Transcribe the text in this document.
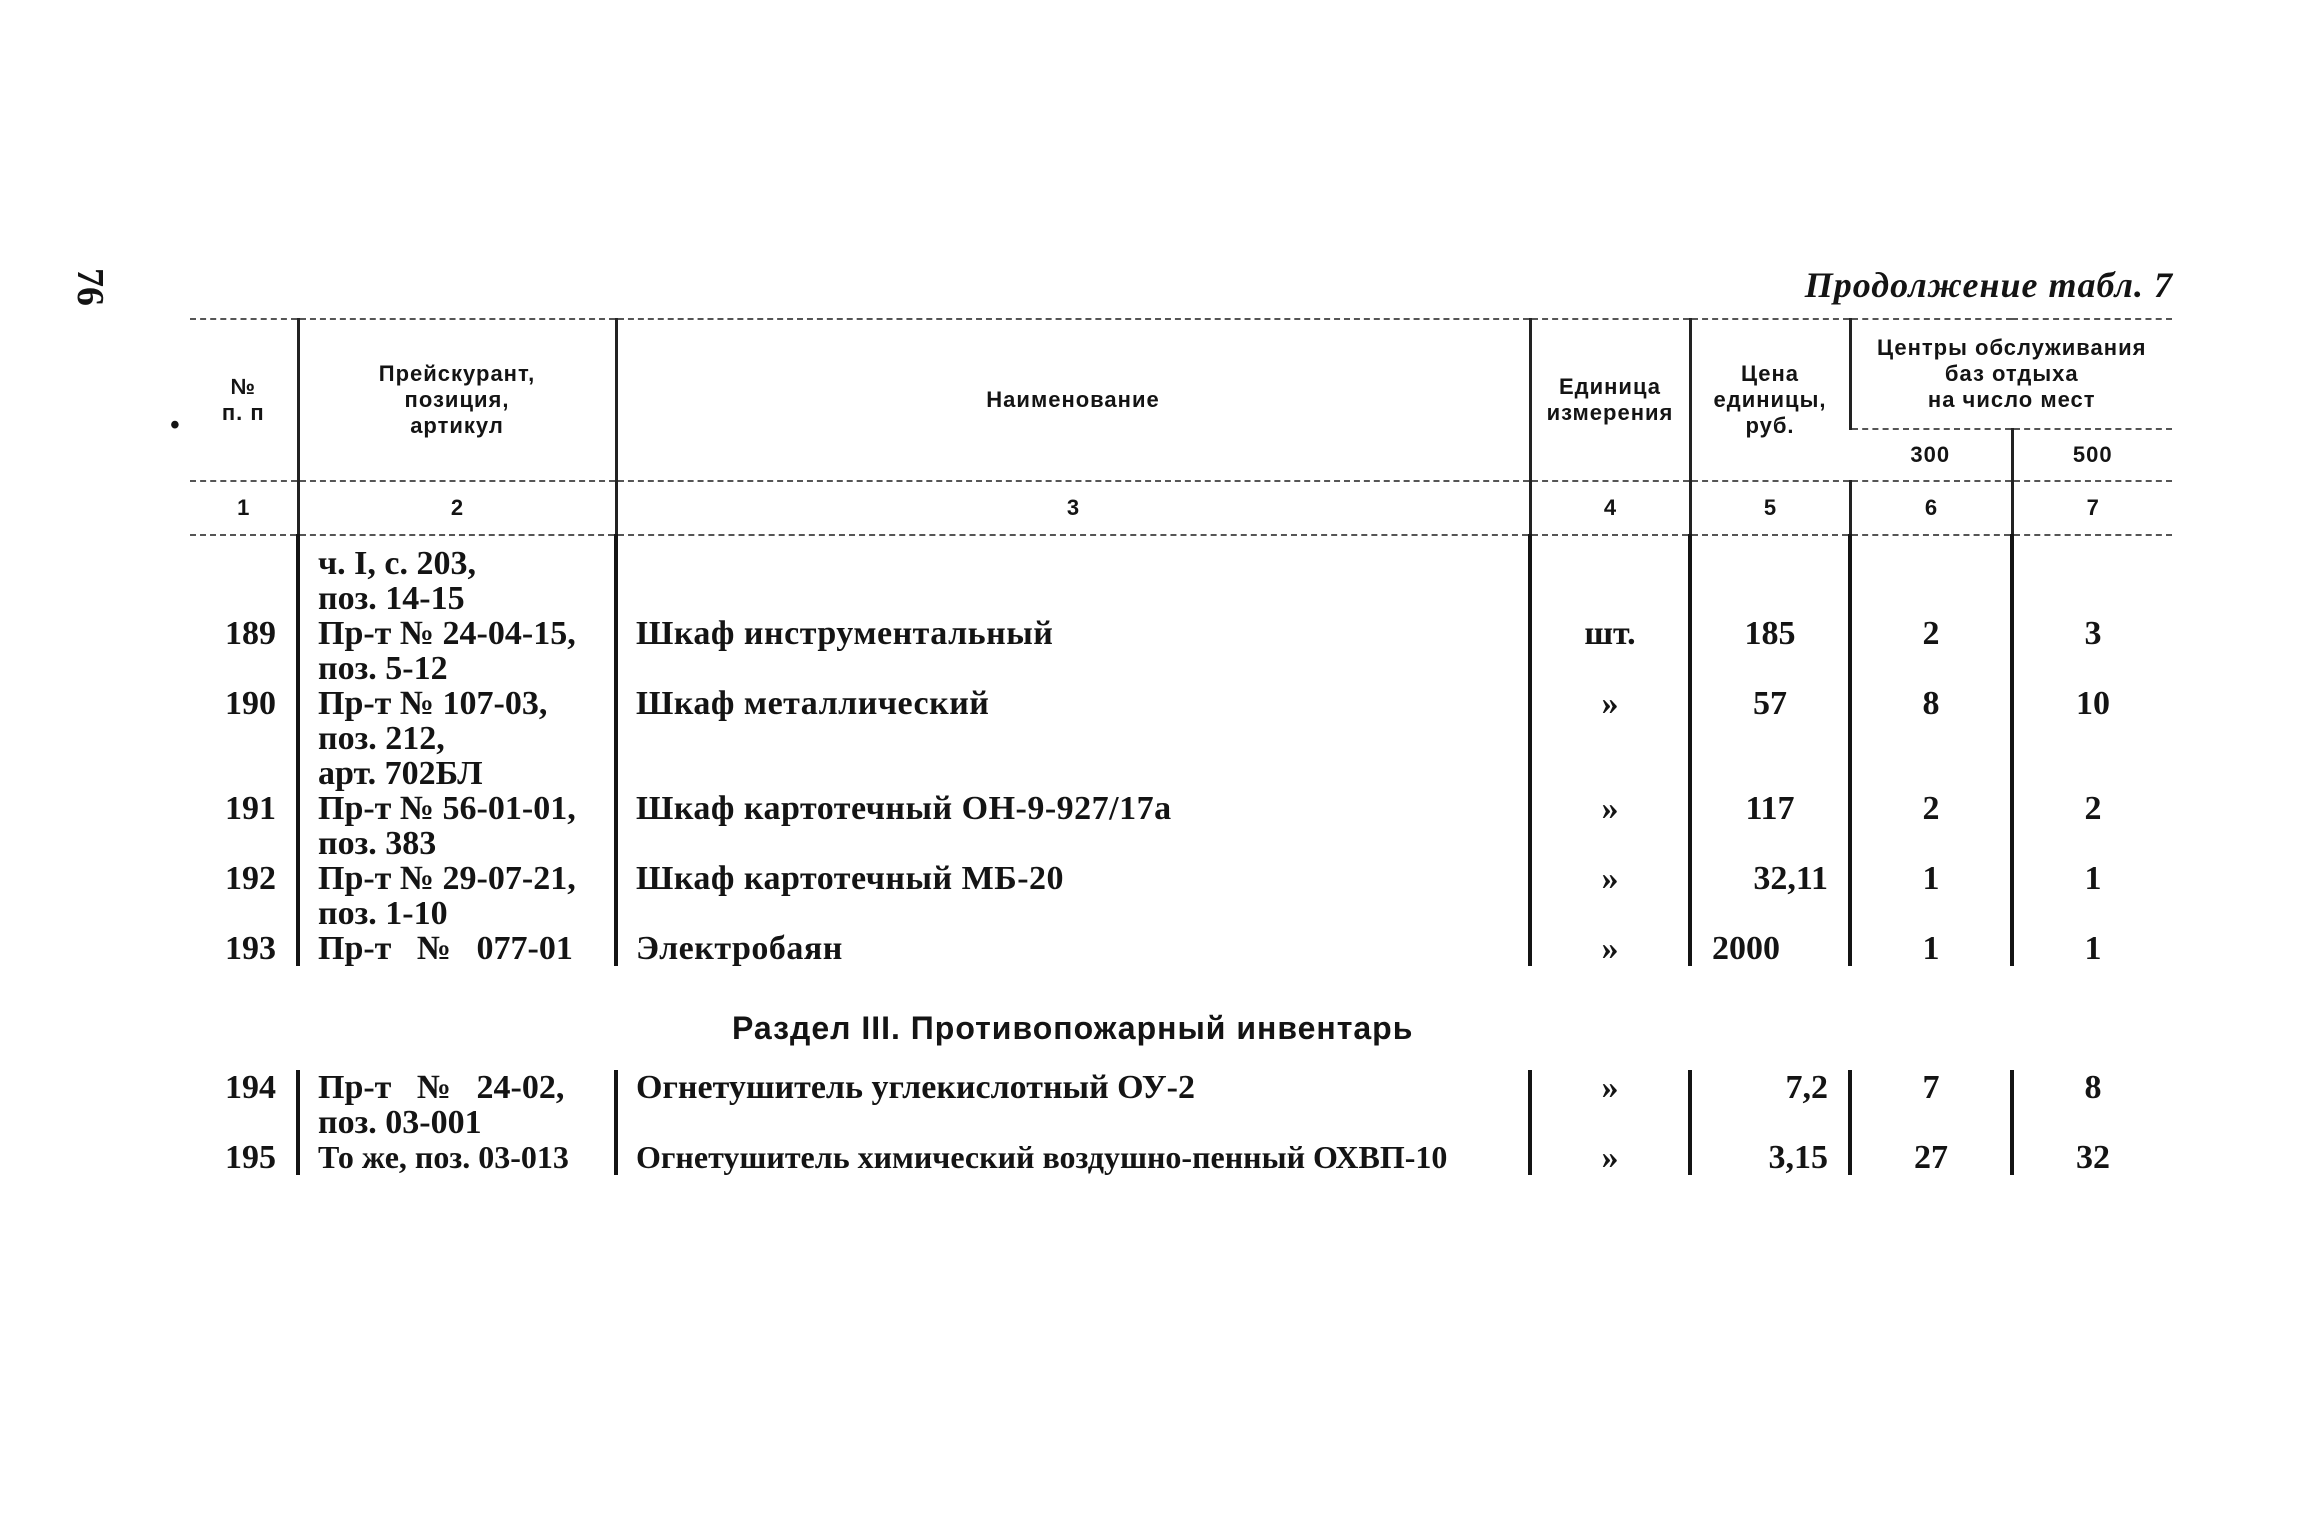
76	Продолжение табл. 7
•
№
п. п	Прейскурант,
позиция,
артикул	Наименование	Единица
измерения	Цена
единицы,
руб.	Центры обслуживания
баз отдыха
на число мест	
					300	500
1	2	3	4	5	6	7

	ч. I, с. 203,
поз. 14-15					
189	Пр-т № 24-04-15,
поз. 5-12	Шкаф инструментальный	шт.	185	2	3
190	Пр-т № 107-03,
поз. 212,
арт. 702БЛ	Шкаф металлический	»	57	8	10
191	Пр-т № 56-01-01,
поз. 383	Шкаф картотечный ОН-9-927/17а	»	117	2	2
192	Пр-т № 29-07-21,
поз. 1-10	Шкаф картотечный МБ-20	»	32,11	1	1
193	Пр-т   №   077-01	Электробаян	»	2000	1	1
Раздел III. Противопожарный инвентарь
194	Пр-т   №   24-02,
поз. 03-001	Огнетушитель углекислотный ОУ-2	»	7,2	7	8
195	То же, поз. 03-013	Огнетушитель химический воздушно-пенный ОХВП-10	»	3,15	27	32
